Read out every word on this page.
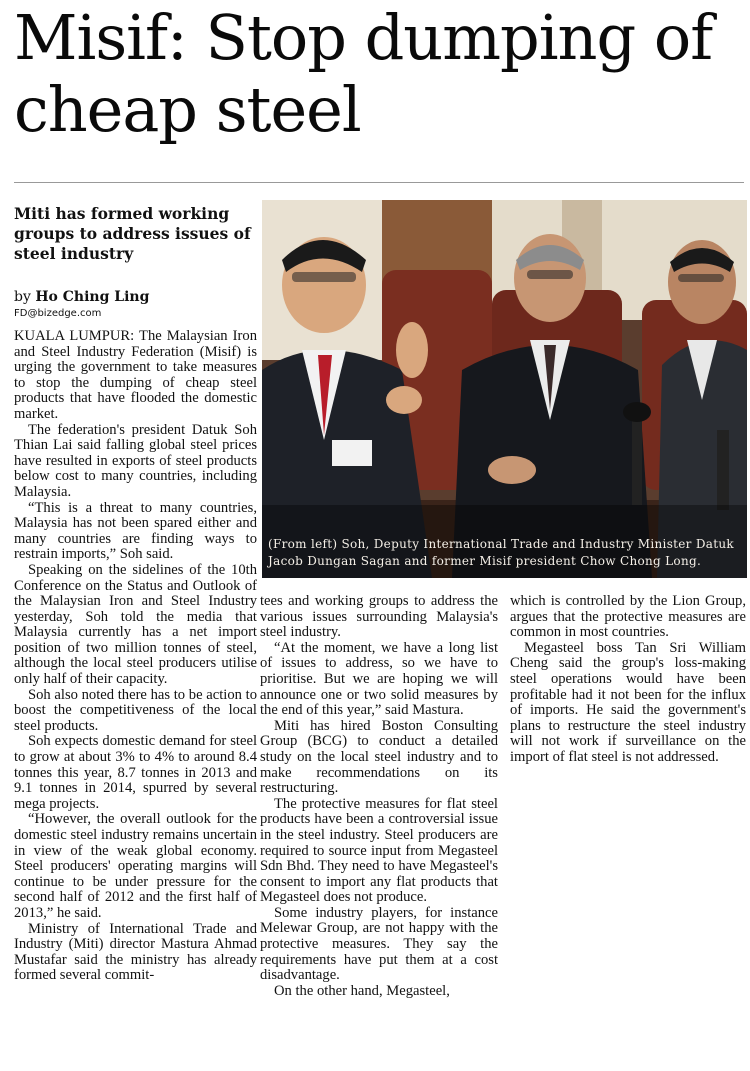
Misif: Stop dumping of cheap steel
Miti has formed working groups to address issues of steel industry
by Ho Ching Ling
FD@bizedge.com

KUALA LUMPUR: The Malaysian Iron and Steel Industry Federation (Misif) is urging the government to take measures to stop the dumping of cheap steel products that have flooded the domestic market.

The federation's president Datuk Soh Thian Lai said falling global steel prices have resulted in exports of steel products below cost to many countries, including Malaysia.

“This is a threat to many countries, Malaysia has not been spared either and many countries are finding ways to restrain imports,” Soh said.

Speaking on the sidelines of the 10th Conference on the Status and Outlook of the Malaysian Iron and Steel Industry yesterday, Soh told the media that Malaysia currently has a net import position of two million tonnes of steel, although the local steel producers utilise only half of their capacity.

Soh also noted there has to be action to boost the competitiveness of the local steel products.

Soh expects domestic demand for steel to grow at about 3% to 4% to around 8.4 tonnes this year, 8.7 tonnes in 2013 and 9.1 tonnes in 2014, spurred by several mega projects.

“However, the overall outlook for the domestic steel industry remains uncertain in view of the weak global economy. Steel producers' operating margins will continue to be under pressure for the second half of 2012 and the first half of 2013,” he said.

Ministry of International Trade and Industry (Miti) director Mastura Ahmad Mustafar said the ministry has already formed several commit-

(From left) Soh, Deputy International Trade and Industry Minister Datuk Jacob Dungan Sagan and former Misif president Chow Chong Long.

tees and working groups to address the various issues surrounding Malaysia's steel industry.

“At the moment, we have a long list of issues to address, so we have to prioritise. But we are hoping we will announce one or two solid measures by the end of this year,” said Mastura.

Miti has hired Boston Consulting Group (BCG) to conduct a detailed study on the local steel industry and to make recommendations on its restructuring.

The protective measures for flat steel products have been a controversial issue in the steel industry. Steel producers are required to source input from Megasteel Sdn Bhd. They need to have Megasteel's consent to import any flat products that Megasteel does not produce.

Some industry players, for instance Melewar Group, are not happy with the protective measures. They say the requirements have put them at a cost disadvantage.

On the other hand, Megasteel,

which is controlled by the Lion Group, argues that the protective measures are common in most countries.

Megasteel boss Tan Sri William Cheng said the group's loss-making steel operations would have been profitable had it not been for the influx of imports. He said the government's plans to restructure the steel industry will not work if surveillance on the import of flat steel is not addressed.
